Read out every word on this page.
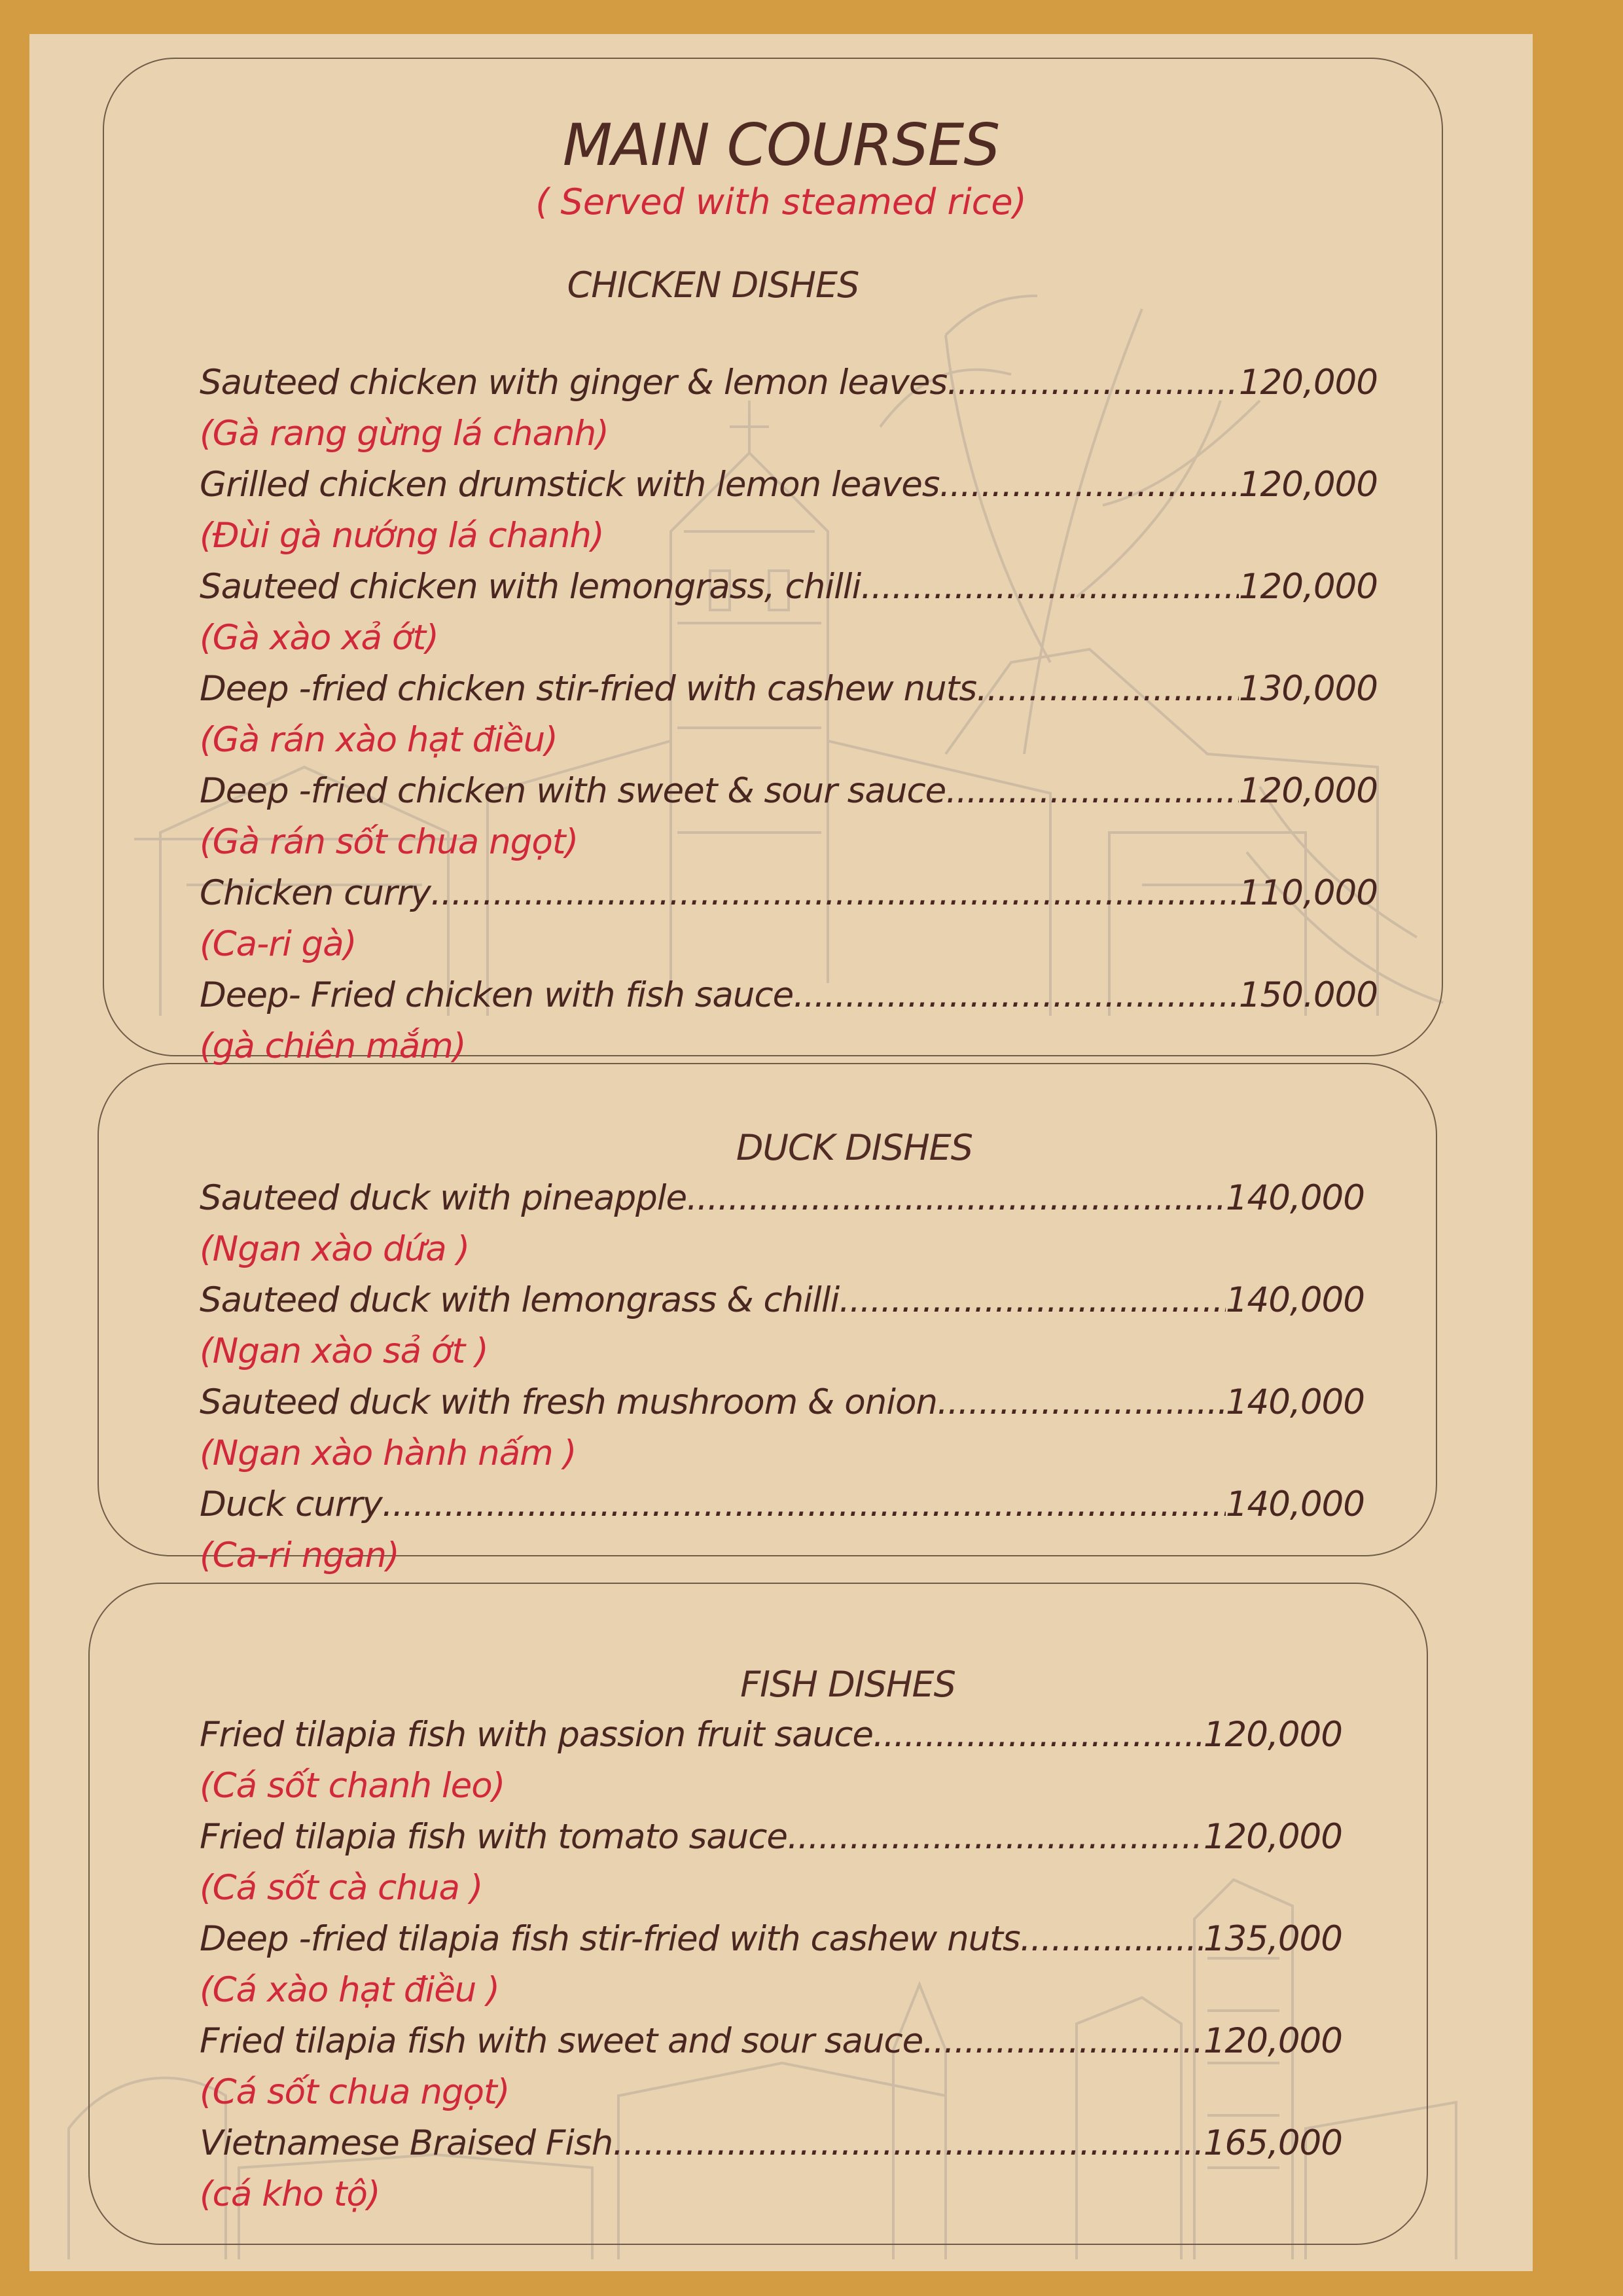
MAIN COURSES
( Served with steamed rice)
CHICKEN DISHES
DUCK DISHES
FISH DISHES
Sauteed chicken with ginger & lemon leaves .....	120,000
(Gà rang gừng lá chanh)
Grilled chicken drumstick with lemon leaves .....	120,000
(Đùi gà nướng lá chanh)
Sauteed chicken with lemongrass, chilli .....	120,000
(Gà xào xả ớt)
Deep -fried chicken stir-fried with cashew nuts .....	130,000
(Gà rán xào hạt điều)
Deep -fried chicken with sweet & sour sauce .....	120,000
(Gà rán sốt chua ngọt)
Chicken curry .....	110,000
(Ca-ri gà)
Deep- Fried chicken with fish sauce .....	150.000
(gà chiên mắm)
Sauteed duck with pineapple .....	140,000
(Ngan xào dứa )
Sauteed duck with lemongrass & chilli .....	140,000
(Ngan xào sả ớt )
Sauteed duck with fresh mushroom & onion .....	140,000
(Ngan xào hành nấm )
Duck curry .....	140,000
(Ca-ri ngan)
Fried tilapia fish with passion fruit sauce .....	120,000
(Cá sốt chanh leo)
Fried tilapia fish with tomato sauce .....	120,000
(Cá sốt cà chua )
Deep -fried tilapia fish stir-fried with cashew nuts .....	135,000
(Cá xào hạt điều )
Fried tilapia fish with sweet and sour sauce .....	120,000
(Cá sốt chua ngọt)
Vietnamese Braised Fish .....	165,000
(cá kho tộ)
